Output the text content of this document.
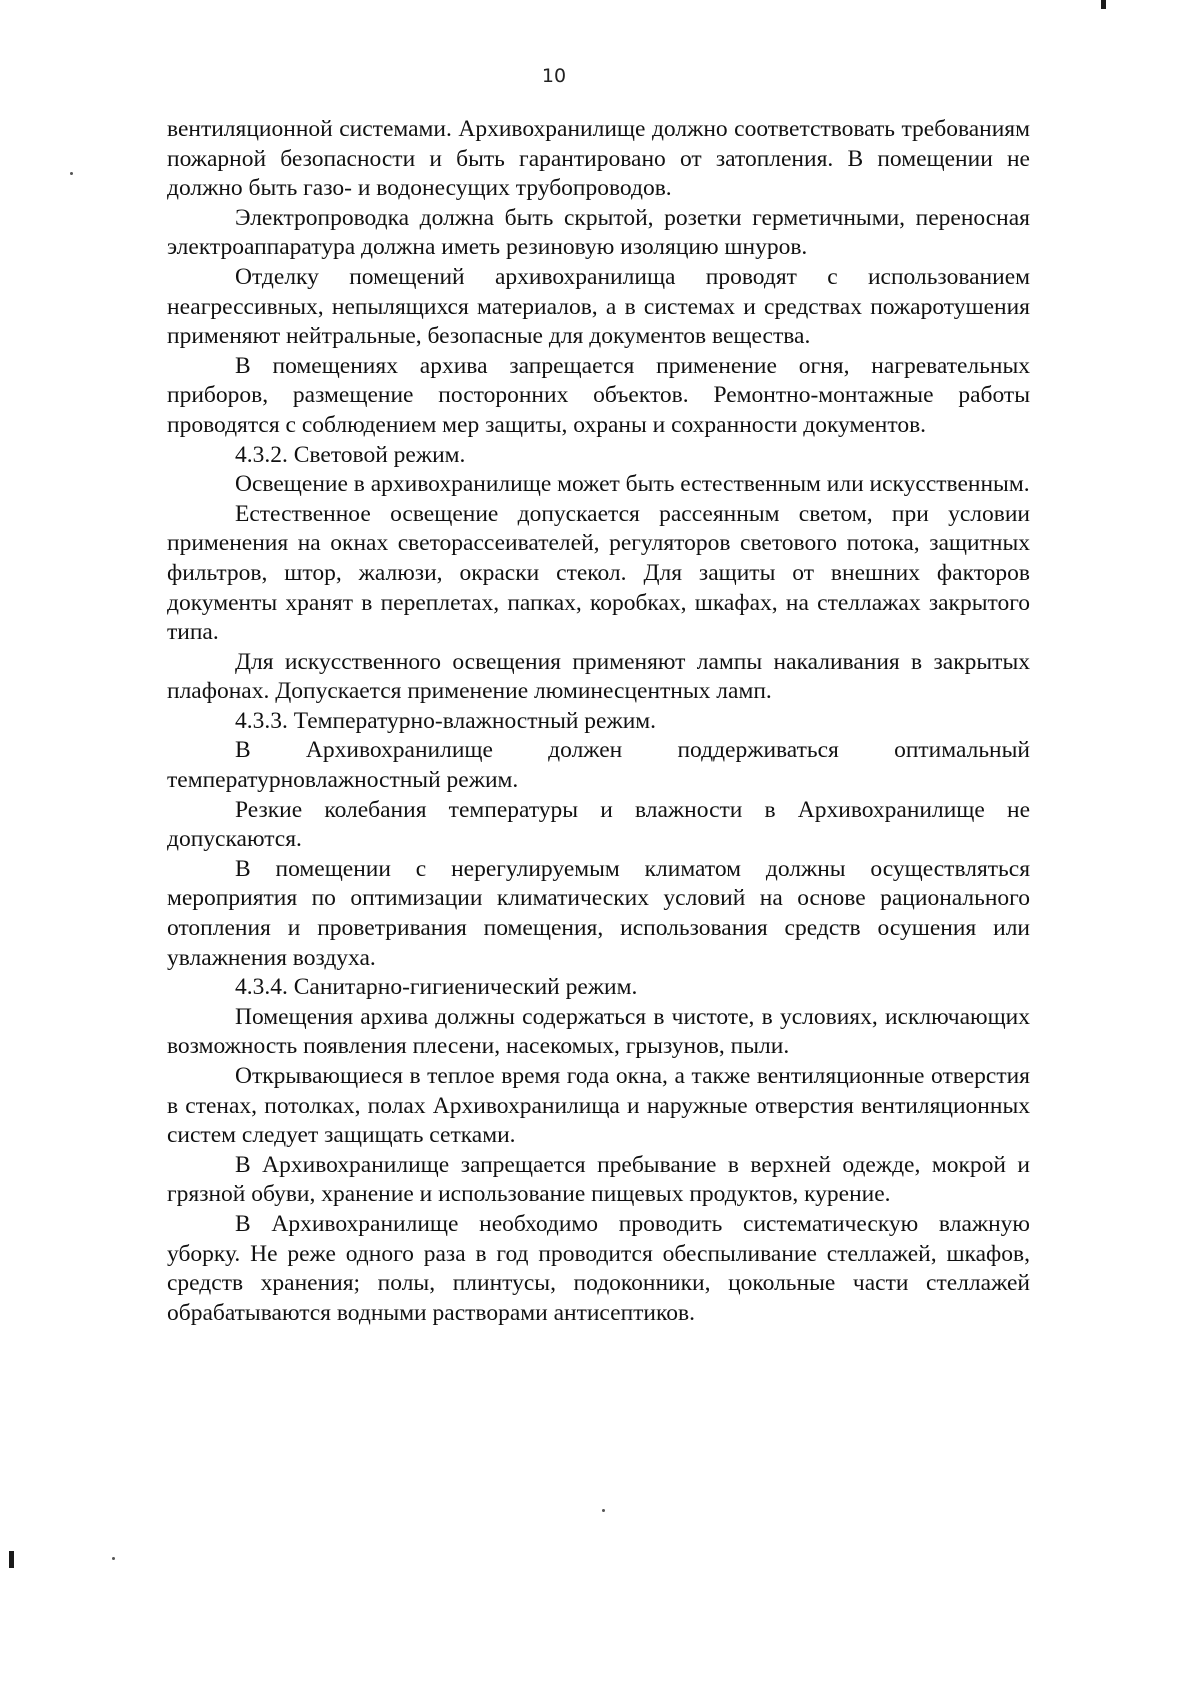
10

вентиляционной системами. Архивохранилище должно соответствовать требованиям пожарной безопасности и быть гарантировано от затопления. В помещении не должно быть газо- и водонесущих трубопроводов.

Электропроводка должна быть скрытой, розетки герметичными, переносная электроаппаратура должна иметь резиновую изоляцию шнуров.

Отделку помещений архивохранилища проводят с использованием неагрессивных, непылящихся материалов, а в системах и средствах пожаротушения применяют нейтральные, безопасные для документов вещества.

В помещениях архива запрещается применение огня, нагревательных приборов, размещение посторонних объектов. Ремонтно-монтажные работы проводятся с соблюдением мер защиты, охраны и сохранности документов.

4.3.2. Световой режим.

Освещение в архивохранилище может быть естественным или искусственным.

Естественное освещение допускается рассеянным светом, при условии применения на окнах светорассеивателей, регуляторов светового потока, защитных фильтров, штор, жалюзи, окраски стекол. Для защиты от внешних факторов документы хранят в переплетах, папках, коробках, шкафах, на стеллажах закрытого типа.

Для искусственного освещения применяют лампы накаливания в закрытых плафонах. Допускается применение люминесцентных ламп.

4.3.3. Температурно-влажностный режим.

В Архивохранилище должен поддерживаться оптимальный температурновлажностный режим.

Резкие колебания температуры и влажности в Архивохранилище не допускаются.

В помещении с нерегулируемым климатом должны осуществляться мероприятия по оптимизации климатических условий на основе рационального отопления и проветривания помещения, использования средств осушения или увлажнения воздуха.

4.3.4. Санитарно-гигиенический режим.

Помещения архива должны содержаться в чистоте, в условиях, исключающих возможность появления плесени, насекомых, грызунов, пыли.

Открывающиеся в теплое время года окна, а также вентиляционные отверстия в стенах, потолках, полах Архивохранилища и наружные отверстия вентиляционных систем следует защищать сетками.

В Архивохранилище запрещается пребывание в верхней одежде, мокрой и грязной обуви, хранение и использование пищевых продуктов, курение.

В Архивохранилище необходимо проводить систематическую влажную уборку. Не реже одного раза в год проводится обеспыливание стеллажей, шкафов, средств хранения; полы, плинтусы, подоконники, цокольные части стеллажей обрабатываются водными растворами антисептиков.
